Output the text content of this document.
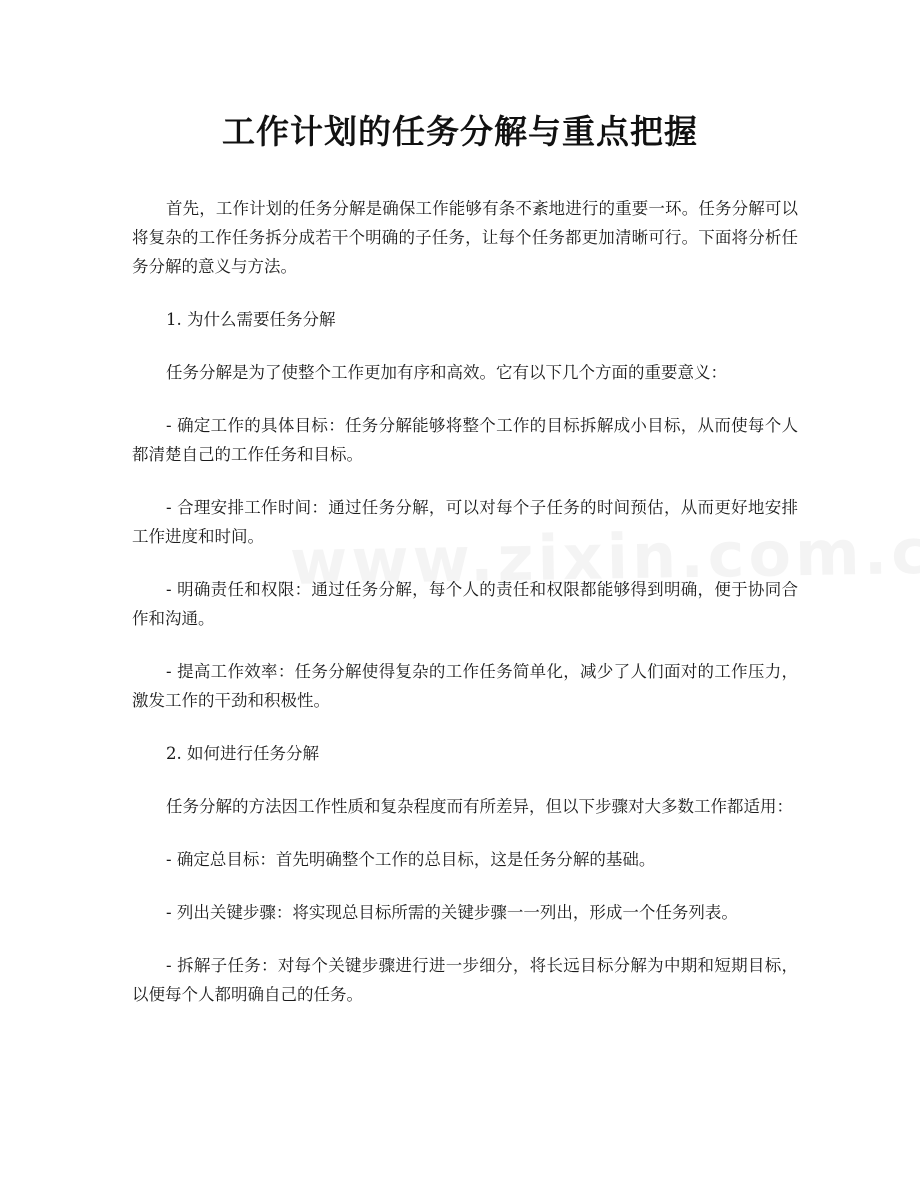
工作计划的任务分解与重点把握

首先，工作计划的任务分解是确保工作能够有条不紊地进行的重要一环。任务分解可以将复杂的工作任务拆分成若干个明确的子任务，让每个任务都更加清晰可行。下面将分析任务分解的意义与方法。

1. 为什么需要任务分解

任务分解是为了使整个工作更加有序和高效。它有以下几个方面的重要意义：

- 确定工作的具体目标：任务分解能够将整个工作的目标拆解成小目标，从而使每个人都清楚自己的工作任务和目标。

- 合理安排工作时间：通过任务分解，可以对每个子任务的时间预估，从而更好地安排工作进度和时间。

- 明确责任和权限：通过任务分解，每个人的责任和权限都能够得到明确，便于协同合作和沟通。

- 提高工作效率：任务分解使得复杂的工作任务简单化，减少了人们面对的工作压力，激发工作的干劲和积极性。

2. 如何进行任务分解

任务分解的方法因工作性质和复杂程度而有所差异，但以下步骤对大多数工作都适用：

- 确定总目标：首先明确整个工作的总目标，这是任务分解的基础。

- 列出关键步骤：将实现总目标所需的关键步骤一一列出，形成一个任务列表。

- 拆解子任务：对每个关键步骤进行进一步细分，将长远目标分解为中期和短期目标，以便每个人都明确自己的任务。
